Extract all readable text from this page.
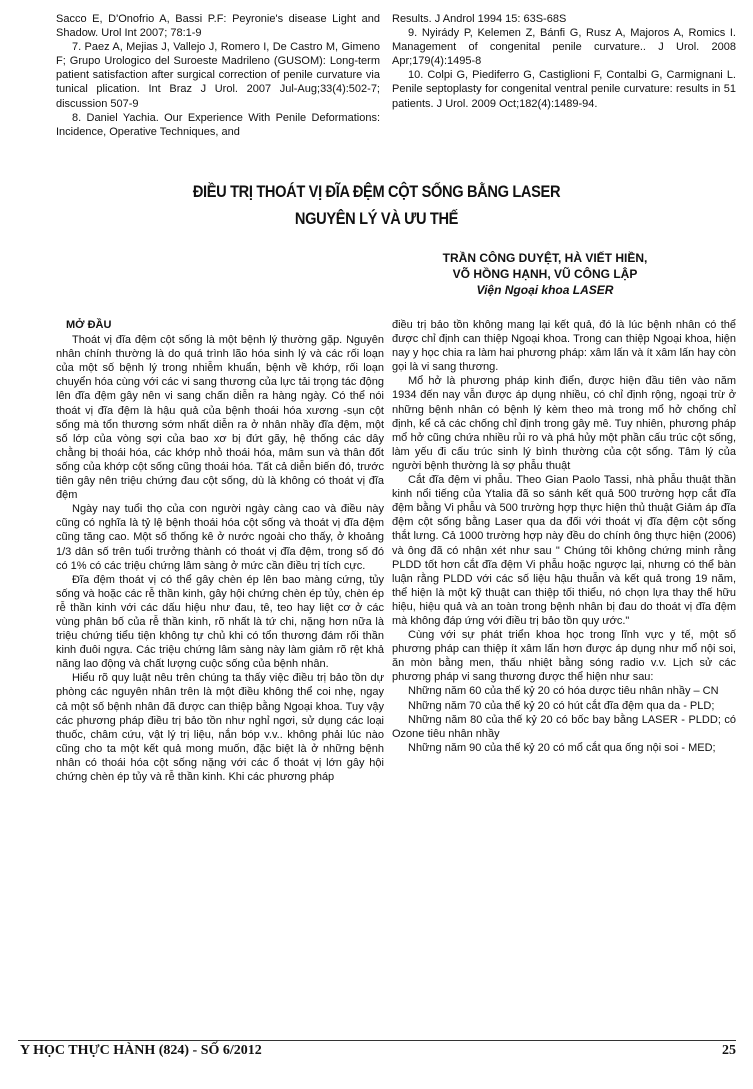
Sacco E, D'Onofrio A, Bassi P.F: Peyronie's disease Light and Shadow. Urol Int 2007; 78:1-9

7. Paez A, Mejias J, Vallejo J, Romero I, De Castro M, Gimeno F; Grupo Urologico del Suroeste Madrileno (GUSOM): Long-term patient satisfaction after surgical correction of penile curvature via tunical plication. Int Braz J Urol. 2007 Jul-Aug;33(4):502-7; discussion 507-9

8. Daniel Yachia. Our Experience With Penile Deformations: Incidence, Operative Techniques, and

Results. J Androl 1994 15: 63S-68S

9. Nyirády P, Kelemen Z, Bánfi G, Rusz A, Majoros A, Romics I. Management of congenital penile curvature.. J Urol. 2008 Apr;179(4):1495-8

10. Colpi G, Piediferro G, Castiglioni F, Contalbi G, Carmignani L. Penile septoplasty for congenital ventral penile curvature: results in 51 patients. J Urol. 2009 Oct;182(4):1489-94.

ĐIỀU TRỊ THOÁT VỊ ĐĨA ĐỆM CỘT SỐNG BẰNG LASER
NGUYÊN LÝ VÀ ƯU THẾ
TRẦN CÔNG DUYỆT, HÀ VIẾT HIỀN,
VÕ HỒNG HẠNH, VŨ CÔNG LẬP
Viện Ngoại khoa LASER

MỞ ĐẦU

Thoát vị đĩa đệm cột sống là một bệnh lý thường gặp. Nguyên nhân chính thường là do quá trình lão hóa sinh lý và các rối loạn của một số bệnh lý trong nhiễm khuẩn, bệnh về khớp, rối loạn chuyển hóa cùng với các vi sang thương của lực tải trọng tác động lên đĩa đệm gây nên vi sang chấn diễn ra hàng ngày. Có thể nói thoát vị đĩa đệm là hậu quả của bệnh thoái hóa xương -sụn cột sống mà tổn thương sớm nhất diễn ra ở nhân nhầy đĩa đệm, một số lớp của vòng sợi của bao xơ bị đứt gãy, hệ thống các dây chằng bị thoái hóa, các khớp nhỏ thoái hóa, mâm sun và thân đốt sống của khớp cột sống cũng thoái hóa. Tất cả diễn biến đó, trước tiên gây nên triệu chứng đau cột sống, dù là không có thoát vị đĩa đệm

Ngày nay tuổi thọ của con người ngày càng cao và điều này cũng có nghĩa là tỷ lệ bệnh thoái hóa cột sống và thoát vị đĩa đệm cũng tăng cao. Một số thống kê ở nước ngoài cho thấy, ở khoảng 1/3 dân số trên tuổi trưởng thành có thoát vị đĩa đệm, trong số đó có 1% có các triệu chứng lâm sàng ở mức cần điều trị tích cực.

Đĩa đệm thoát vị có thể gây chèn ép lên bao màng cứng, tủy sống và hoặc các rễ thần kinh, gây hội chứng chèn ép tủy, chèn ép rễ thần kinh với các dấu hiệu như đau, tê, teo hay liệt cơ ở các vùng phân bố của rễ thần kinh, rõ nhất là tứ chi, nặng hơn nữa là triệu chứng tiểu tiện không tự chủ khi có tổn thương đám rối thần kinh đuôi ngựa. Các triệu chứng lâm sàng này làm giảm rõ rệt khả năng lao động và chất lượng cuộc sống của bệnh nhân.

Hiểu rõ quy luật nêu trên chúng ta thấy việc điều trị bảo tồn dự phòng các nguyên nhân trên là một điều không thể coi nhẹ, ngay cả một số bệnh nhân đã được can thiệp bằng Ngoại khoa. Tuy vậy các phương pháp điều trị bảo tồn như nghỉ ngơi, sử dụng các loại thuốc, châm cứu, vật lý trị liệu, nắn bóp v.v.. không phải lúc nào cũng cho ta một kết quả mong muốn, đặc biệt là ở những bệnh nhân có thoái hóa cột sống nặng với các ổ thoát vị lớn gây hội chứng chèn ép tủy và rễ thần kinh. Khi các phương pháp

điều trị bảo tồn không mang lại kết quả, đó là lúc bệnh nhân có thể được chỉ định can thiệp Ngoại khoa. Trong can thiệp Ngoại khoa, hiện nay y học chia ra làm hai phương pháp: xâm lấn và ít xâm lấn hay còn gọi là vi sang thương.

Mổ hở là phương pháp kinh điển, được hiện đầu tiên vào năm 1934 đến nay vẫn được áp dụng nhiều, có chỉ định rộng, ngoại trừ ở những bệnh nhân có bệnh lý kèm theo mà trong mổ hở chống chỉ định, kể cả các chống chỉ định trong gây mê. Tuy nhiên, phương pháp mổ hở cũng chứa nhiều rủi ro và phá hủy một phần cấu trúc cột sống, làm yếu đi cấu trúc sinh lý bình thường của cột sống. Tâm lý của người bệnh thường là sợ phẫu thuật

Cắt đĩa đệm vi phẫu. Theo Gian Paolo Tassi, nhà phẫu thuật thần kinh nổi tiếng của Ytalia đã so sánh kết quả 500 trường hợp cắt đĩa đệm bằng Vi phẫu và 500 trường hợp thực hiện thủ thuật Giảm áp đĩa đệm cột sống bằng Laser qua da đối với thoát vị đĩa đệm cột sống thắt lưng. Cả 1000 trường hợp này đều do chính ông thực hiện (2006) và ông đã có nhận xét như sau " Chúng tôi không chứng minh rằng PLDD tốt hơn cắt đĩa đệm Vi phẫu hoặc ngược lại, nhưng có thể bàn luận rằng PLDD với các số liệu hậu thuẫn và kết quả trong 19 năm, thể hiện là một kỹ thuật can thiệp tối thiểu, nó chọn lựa thay thế hữu hiệu, hiệu quả và an toàn trong bệnh nhân bị đau do thoát vị đĩa đệm mà không đáp ứng với điều trị bảo tồn quy ước."

Cùng với sự phát triển khoa học trong lĩnh vực y tế, một số phương pháp can thiệp ít xâm lấn hơn được áp dụng như mổ nội soi, ăn mòn bằng men, thấu nhiệt bằng sóng radio v.v. Lịch sử các phương pháp vi sang thương được thể hiện như sau:

Những năm 60 của thế kỷ 20 có hóa dược tiêu nhân nhầy – CN

Những năm 70 của thế kỷ 20 có hút cắt đĩa đệm qua da - PLD;

Những năm 80 của thế kỷ 20 có bốc bay bằng LASER - PLDD; có Ozone tiêu nhân nhầy

Những năm 90 của thế kỷ 20 có mổ cắt qua ống nội soi - MED;

Y HỌC THỰC HÀNH (824) - SỐ 6/2012	25
